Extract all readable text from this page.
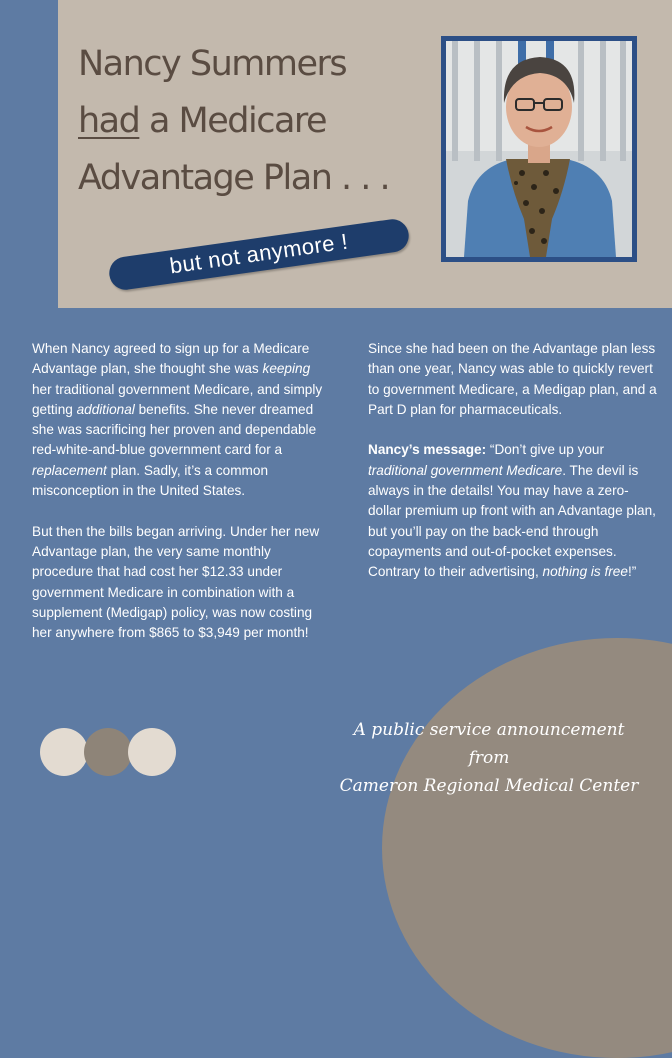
Nancy Summers
had a Medicare
Advantage Plan . . .
but not anymore !

When Nancy agreed to sign up for a Medicare Advantage plan, she thought she was keeping her traditional government Medicare, and simply getting additional benefits. She never dreamed she was sacrificing her proven and dependable red-white-and-blue government card for a replacement plan. Sadly, it’s a common misconception in the United States.

But then the bills began arriving. Under her new Advantage plan, the very same monthly procedure that had cost her $12.33 under government Medicare in combination with a supplement (Medigap) policy, was now costing her anywhere from $865 to $3,949 per month!

Since she had been on the Advantage plan less than one year, Nancy was able to quickly revert to government Medicare, a Medigap plan, and a Part D plan for pharmaceuticals.

Nancy’s message: “Don’t give up your traditional government Medicare. The devil is always in the details! You may have a zero-dollar premium up front with an Advantage plan, but you’ll pay on the back-end through copayments and out-of-pocket expenses. Contrary to their advertising, nothing is free!”

A public service announcement from
Cameron Regional Medical Center
